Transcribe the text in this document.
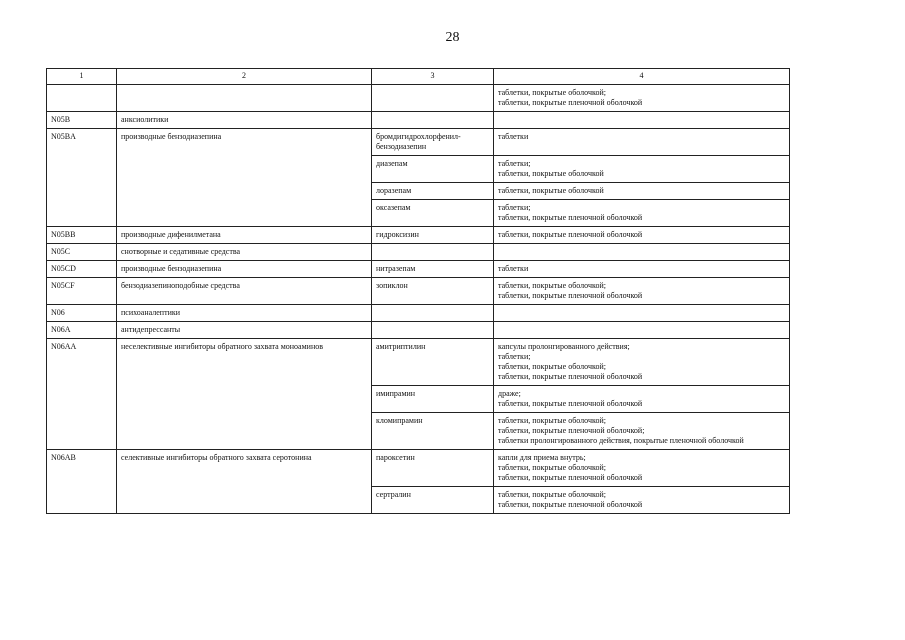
28
1	2	3	4

			таблетки, покрытые оболочкой;
таблетки, покрытые пленочной оболочкой

N05B	анксиолитики		
N05BA	производные бензодиазепина	бромдигидрохлорфенил-бензодиазепин	таблетки
		диазепам	таблетки;
таблетки, покрытые оболочкой

		лоразепам	таблетки, покрытые оболочкой
		оксазепам	таблетки;
таблетки, покрытые пленочной оболочкой

N05BB	производные дифенилметана	гидроксизин	таблетки, покрытые пленочной оболочкой
N05C	снотворные и седативные средства		
N05CD	производные бензодиазепина	нитразепам	таблетки
N05CF	бензодиазепиноподобные средства	зопиклон	таблетки, покрытые оболочкой;
таблетки, покрытые пленочной оболочкой

N06	психоаналептики		
N06A	антидепрессанты		
N06AA	неселективные ингибиторы обратного захвата моноаминов	амитриптилин	капсулы пролонгированного действия;
таблетки;
таблетки, покрытые оболочкой;
таблетки, покрытые пленочной оболочкой

		имипрамин	драже;
таблетки, покрытые пленочной оболочкой

		кломипрамин	таблетки, покрытые оболочкой;
таблетки, покрытые пленочной оболочкой;
таблетки пролонгированного действия, покрытые пленочной оболочкой

N06AB	селективные ингибиторы обратного захвата серотонина	пароксетин	капли для приема внутрь;
таблетки, покрытые оболочкой;
таблетки, покрытые пленочной оболочкой

		сертралин	таблетки, покрытые оболочкой;
таблетки, покрытые пленочной оболочкой
